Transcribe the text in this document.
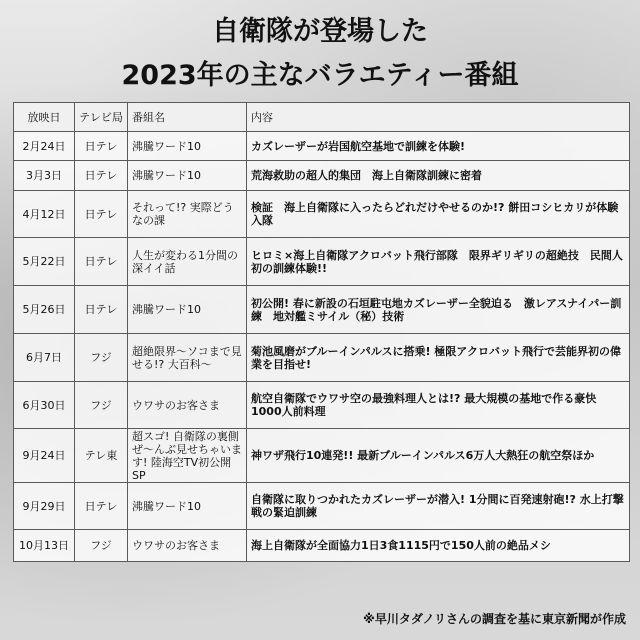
自衛隊が登場した
2023年の主なバラエティー番組
放映日	テレビ局	番組名	内容
2月24日	日テレ	沸騰ワード10	カズレーザーが岩国航空基地で訓練を体験!
3月3日	日テレ	沸騰ワード10	荒海救助の超人的集団　海上自衛隊訓練に密着
4月12日	日テレ	それって!? 実際どうなの課	検証　海上自衛隊に入ったらどれだけやせるのか!? 餅田コシヒカリが体験入隊
5月22日	日テレ	人生が変わる1分間の深イイ話	ヒロミ×海上自衛隊アクロバット飛行部隊　限界ギリギリの超絶技　民間人初の訓練体験!!
5月26日	日テレ	沸騰ワード10	初公開! 春に新設の石垣駐屯地カズレーザー全貌迫る　激レアスナイパー訓練　地対艦ミサイル（秘）技術
6月7日	フジ	超絶限界〜ソコまで見せる!? 大百科〜	菊池風磨がブルーインパルスに搭乗! 極限アクロバット飛行で芸能界初の偉業を目指せ!
6月30日	フジ	ウワサのお客さま	航空自衛隊でウワサ空の最強料理人とは!? 最大規模の基地で作る豪快1000人前料理
9月24日	テレ東	超スゴ! 自衛隊の裏側ぜ〜んぶ見せちゃいます! 陸海空TV初公開SP	神ワザ飛行10連発!! 最新ブルーインパルス6万人大熱狂の航空祭ほか
9月29日	日テレ	沸騰ワード10	自衛隊に取りつかれたカズレーザーが潜入! 1分間に百発速射砲!? 水上打撃戦の緊迫訓練
10月13日	フジ	ウワサのお客さま	海上自衛隊が全面協力1日3食1115円で150人前の絶品メシ
※早川タダノリさんの調査を基に東京新聞が作成
